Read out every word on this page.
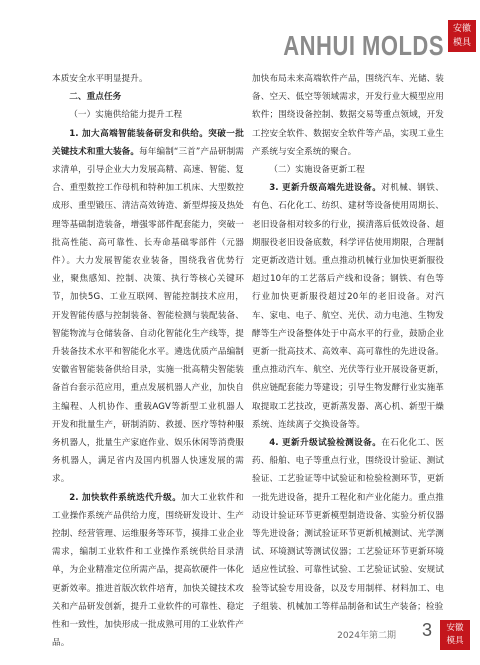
ANHUI MOLDS
安徽
模具

本质安全水平明显提升。

二、重点任务

（一）实施供给能力提升工程

1. 加大高端智能装备研发和供给。突破一批关键技术和重大装备。每年编制“三首”产品研制需求清单，引导企业大力发展高精、高速、智能、复合、重型数控工作母机和特种加工机床、大型数控成形、重型锻压、清洁高效铸造、新型焊接及热处理等基础制造装备，增强零部件配套能力，突破一批高性能、高可靠性、长寿命基础零部件（元器件）。大力发展智能农业装备，围绕我省优势行业，聚焦感知、控制、决策、执行等核心关键环节，加快5G、工业互联网、智能控制技术应用，开发智能传感与控制装备、智能检测与装配装备、智能物流与仓储装备、自动化智能化生产线等，提升装备技术水平和智能化水平。遴选优质产品编制安徽省智能装备供给目录，实施一批高精尖智能装备首台套示范应用，重点发展机器人产业，加快自主编程、人机协作、重载AGV等新型工业机器人开发和批量生产，研制消防、救援、医疗等特种服务机器人，批量生产家庭作业、娱乐休闲等消费服务机器人，满足省内及国内机器人快速发展的需求。

2. 加快软件系统迭代升级。加大工业软件和工业操作系统产品供给力度，围绕研发设计、生产控制、经营管理、运维服务等环节，摸排工业企业需求，编制工业软件和工业操作系统供给目录清单，为企业精准定位所需产品，提高软硬件一体化更新效率。推进首版次软件培育，加快关键技术攻关和产品研发创新，提升工业软件的可靠性、稳定性和一致性，加快形成一批成熟可用的工业软件产品。

加快布局未来高端软件产品，围绕汽车、光储、装备、空天、低空等领域需求，开发行业大模型应用软件；围绕设备控制、数据交易等重点领域，开发工控安全软件、数据安全软件等产品，实现工业生产系统与安全系统的聚合。

（二）实施设备更新工程

3. 更新升级高端先进设备。对机械、钢铁、有色、石化化工、纺织、建材等设备使用周期长、老旧设备相对较多的行业，摸清落后低效设备、超期服役老旧设备底数，科学评估使用期限，合理制定更新改造计划。重点推动机械行业加快更新服役超过10年的工艺落后产线和设备；钢铁、有色等行业加快更新服役超过20年的老旧设备。对汽车、家电、电子、航空、光伏、动力电池、生物发酵等生产设备整体处于中高水平的行业，鼓励企业更新一批高技术、高效率、高可靠性的先进设备。重点推动汽车、航空、光伏等行业开展设备更新，供应链配套能力等建设；引导生物发酵行业实施革取提取工艺技改，更新蒸发器、离心机、新型干燥系统、连续离子交换设备等。

4. 更新升级试验检测设备。在石化化工、医药、船舶、电子等重点行业，围绕设计验证、测试验证、工艺验证等中试验证和检验检测环节，更新一批先进设备，提升工程化和产业化能力。重点推动设计验证环节更新模型制造设备、实验分析仪器等先进设备；测试验证环节更新机械测试、光学测试、环境测试等测试仪器；工艺验证环节更新环境适应性试验、可靠性试验、工艺验证试验、安规试验等试验专用设备，以及专用制样、材料加工、电子组装、机械加工等样品制备和试生产装备；检验

2024年第二期 3	安徽
模具
